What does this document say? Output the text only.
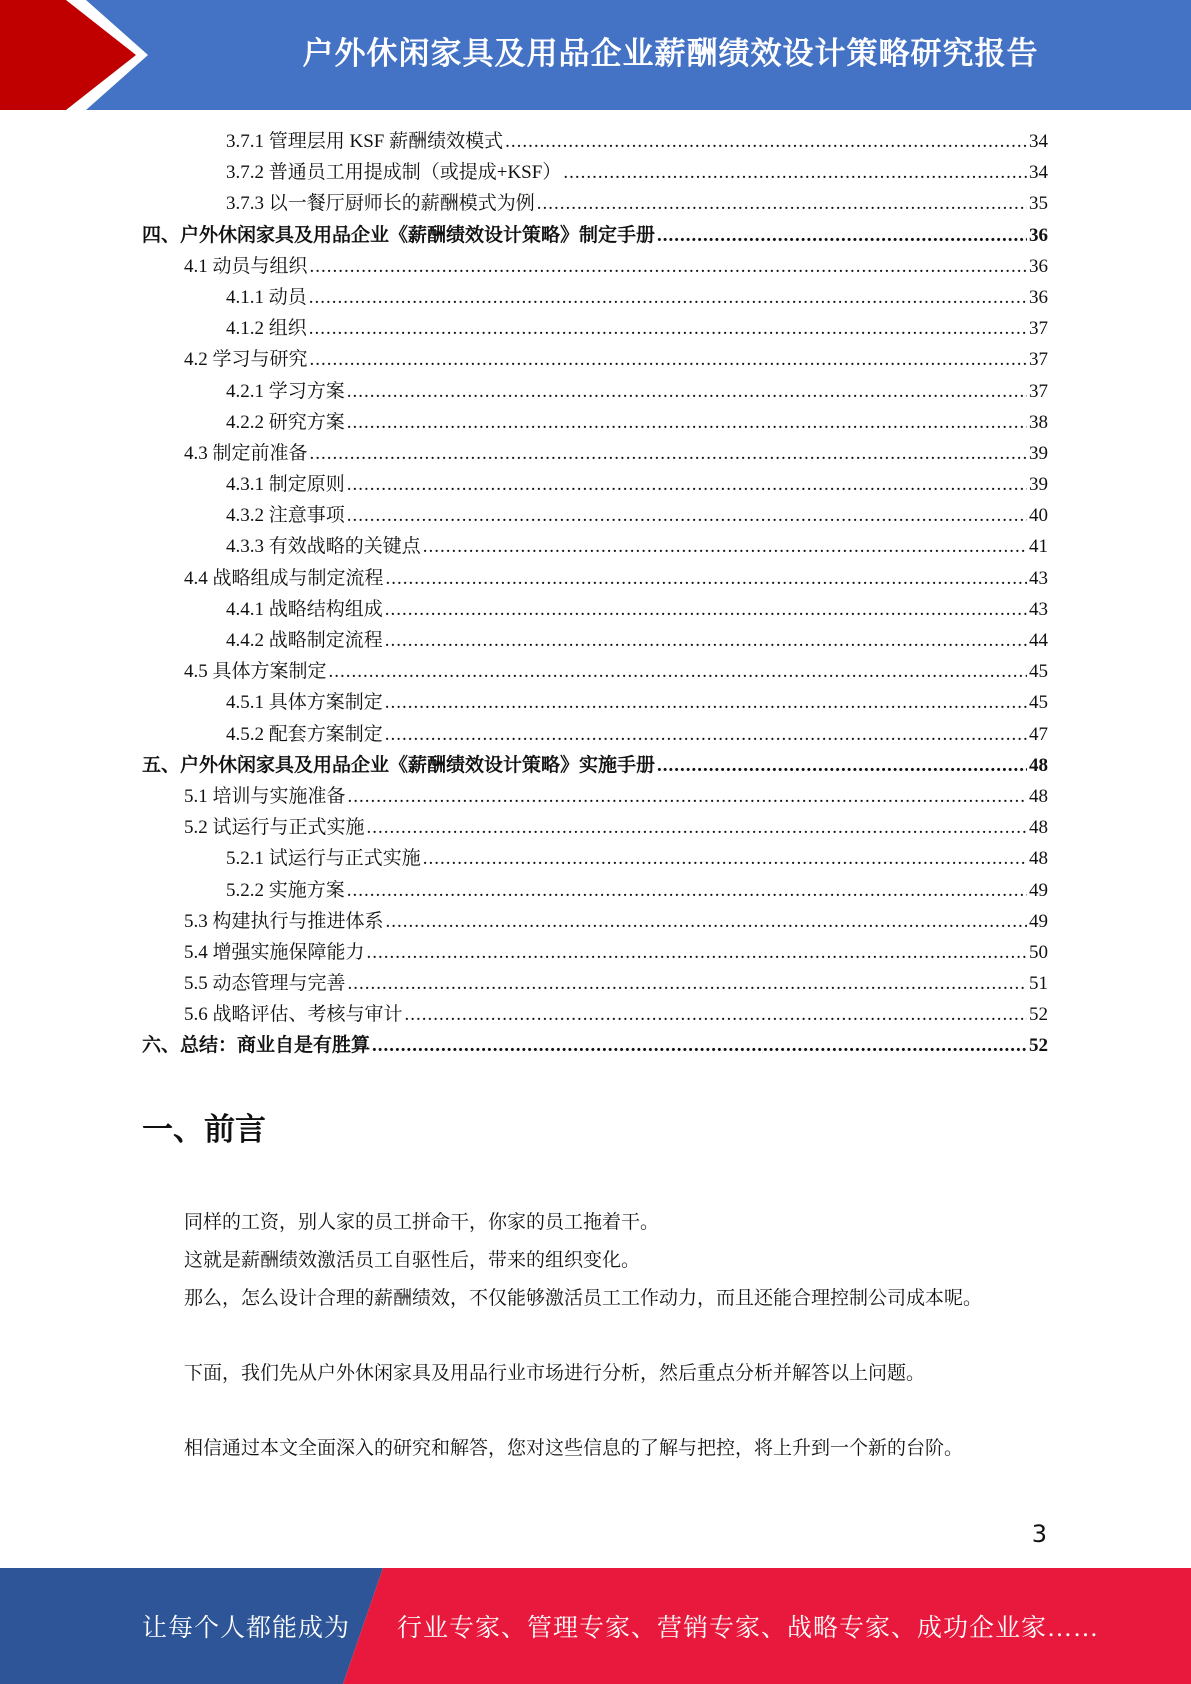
户外休闲家具及用品企业薪酬绩效设计策略研究报告
3.7.1 管理层用 KSF 薪酬绩效模式 .....	34
3.7.2 普通员工用提成制（或提成+KSF） .....	34
3.7.3 以一餐厅厨师长的薪酬模式为例 .....	35
四、户外休闲家具及用品企业《薪酬绩效设计策略》制定手册 .....	36
4.1 动员与组织 .....	36
4.1.1 动员 .....	36
4.1.2 组织 .....	37
4.2 学习与研究 .....	37
4.2.1 学习方案 .....	37
4.2.2 研究方案 .....	38
4.3 制定前准备 .....	39
4.3.1 制定原则 .....	39
4.3.2 注意事项 .....	40
4.3.3 有效战略的关键点 .....	41
4.4 战略组成与制定流程 .....	43
4.4.1 战略结构组成 .....	43
4.4.2 战略制定流程 .....	44
4.5 具体方案制定 .....	45
4.5.1 具体方案制定 .....	45
4.5.2 配套方案制定 .....	47
五、户外休闲家具及用品企业《薪酬绩效设计策略》实施手册 .....	48
5.1 培训与实施准备 .....	48
5.2 试运行与正式实施 .....	48
5.2.1 试运行与正式实施 .....	48
5.2.2 实施方案 .....	49
5.3 构建执行与推进体系 .....	49
5.4 增强实施保障能力 .....	50
5.5 动态管理与完善 .....	51
5.6 战略评估、考核与审计 .....	52
六、总结：商业自是有胜算 .....	52
一、前言

同样的工资，别人家的员工拼命干，你家的员工拖着干。

这就是薪酬绩效激活员工自驱性后，带来的组织变化。

那么，怎么设计合理的薪酬绩效，不仅能够激活员工工作动力，而且还能合理控制公司成本呢。

下面，我们先从户外休闲家具及用品行业市场进行分析，然后重点分析并解答以上问题。

相信通过本文全面深入的研究和解答，您对这些信息的了解与把控，将上升到一个新的台阶。

3
让每个人都能成为 行业专家、管理专家、营销专家、战略专家、成功企业家……
